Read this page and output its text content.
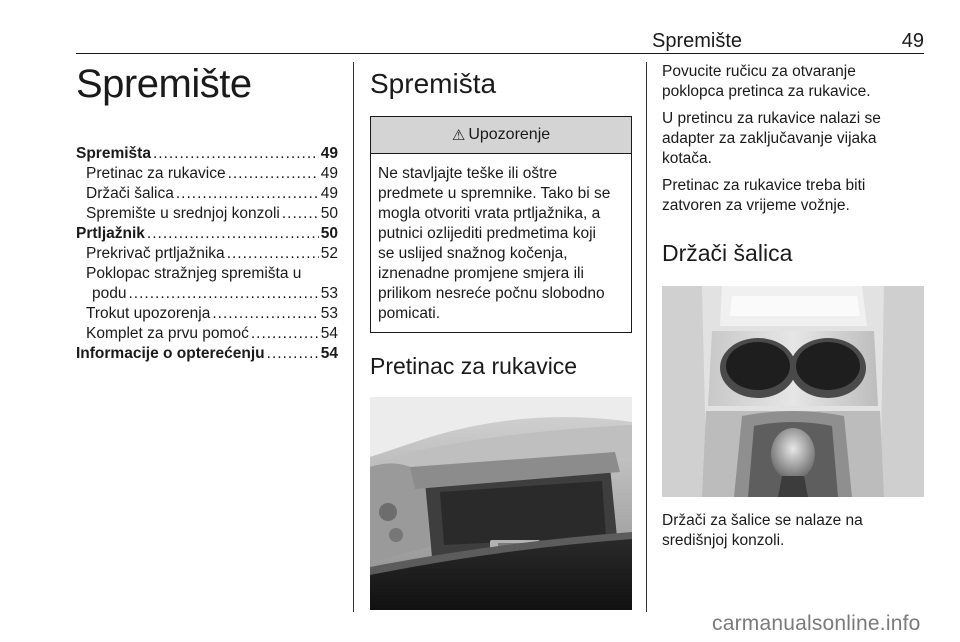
Spremište	49
Spremište
Spremišta .....	49
Pretinac za rukavice .....	49
Držači šalica .....	49
Spremište u srednjoj konzoli .....	50
Prtljažnik .....	50
Prekrivač prtljažnika .....	52
Poklopac stražnjeg spremišta u
podu .....	53
Trokut upozorenja .....	53
Komplet za prvu pomoć .....	54
Informacije o opterećenju .....	54
Spremišta
⚠ Upozorenje
Ne stavljajte teške ili oštre
predmete u spremnike. Tako bi se
mogla otvoriti vrata prtljažnika, a
putnici ozlijediti predmetima koji
se uslijed snažnog kočenja,
iznenadne promjene smjera ili
prilikom nesreće počnu slobodno
pomicati.
Pretinac za rukavice

Povucite ručicu za otvaranje
poklopca pretinca za rukavice.

U pretincu za rukavice nalazi se
adapter za zaključavanje vijaka
kotača.

Pretinac za rukavice treba biti
zatvoren za vrijeme vožnje.

Držači šalica

Držači za šalice se nalaze na
središnjoj konzoli.

carmanualsonline.info
